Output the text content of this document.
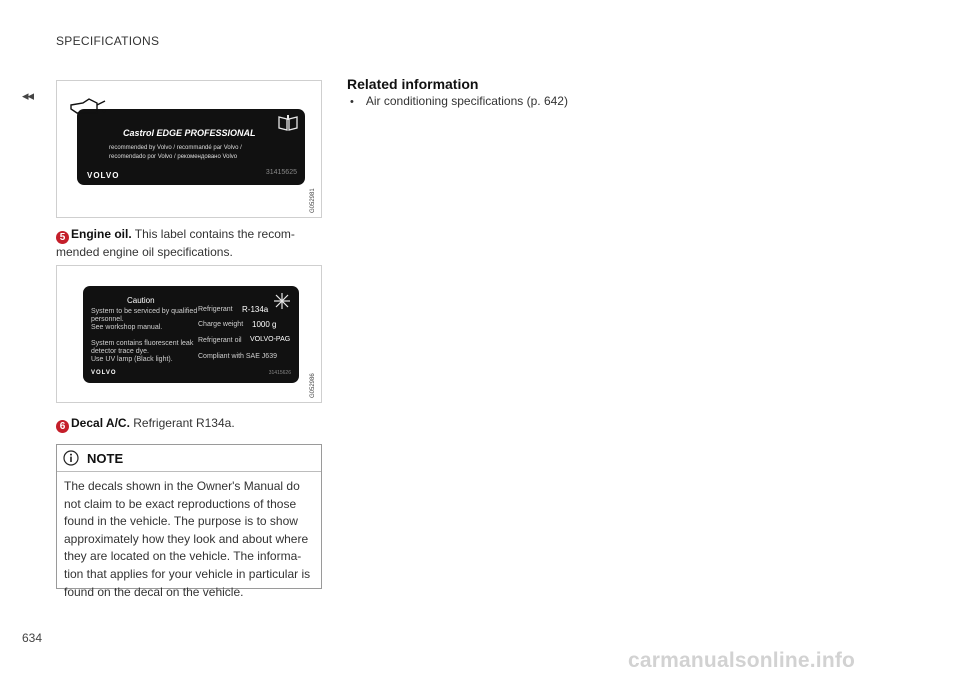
SPECIFICATIONS
◂◂
Castrol EDGE PROFESSIONAL
recommended by Volvo / recommandé par Volvo /
recomendado por Volvo / рекомендовано Volvo
VOLVO	31415625
G052981
5 Engine oil. This label contains the recom-mended engine oil specifications.
Caution
System to be serviced by qualified
personnel.
See workshop manual.
System contains fluorescent leak
detector trace dye.
Use UV lamp (Black light).
Refrigerant R-134a
Charge weight 1000 g
Refrigerant oil VOLVO-PAG
Compliant with SAE J639
VOLVO	31415626
G052986
6 Decal A/C. Refrigerant R134a.
NOTE
The decals shown in the Owner's Manual do not claim to be exact reproductions of those found in the vehicle. The purpose is to show approximately how they look and about where they are located on the vehicle. The informa-tion that applies for your vehicle in particular is found on the decal on the vehicle.
Related information
• Air conditioning specifications (p. 642)
634
carmanualsonline.info
